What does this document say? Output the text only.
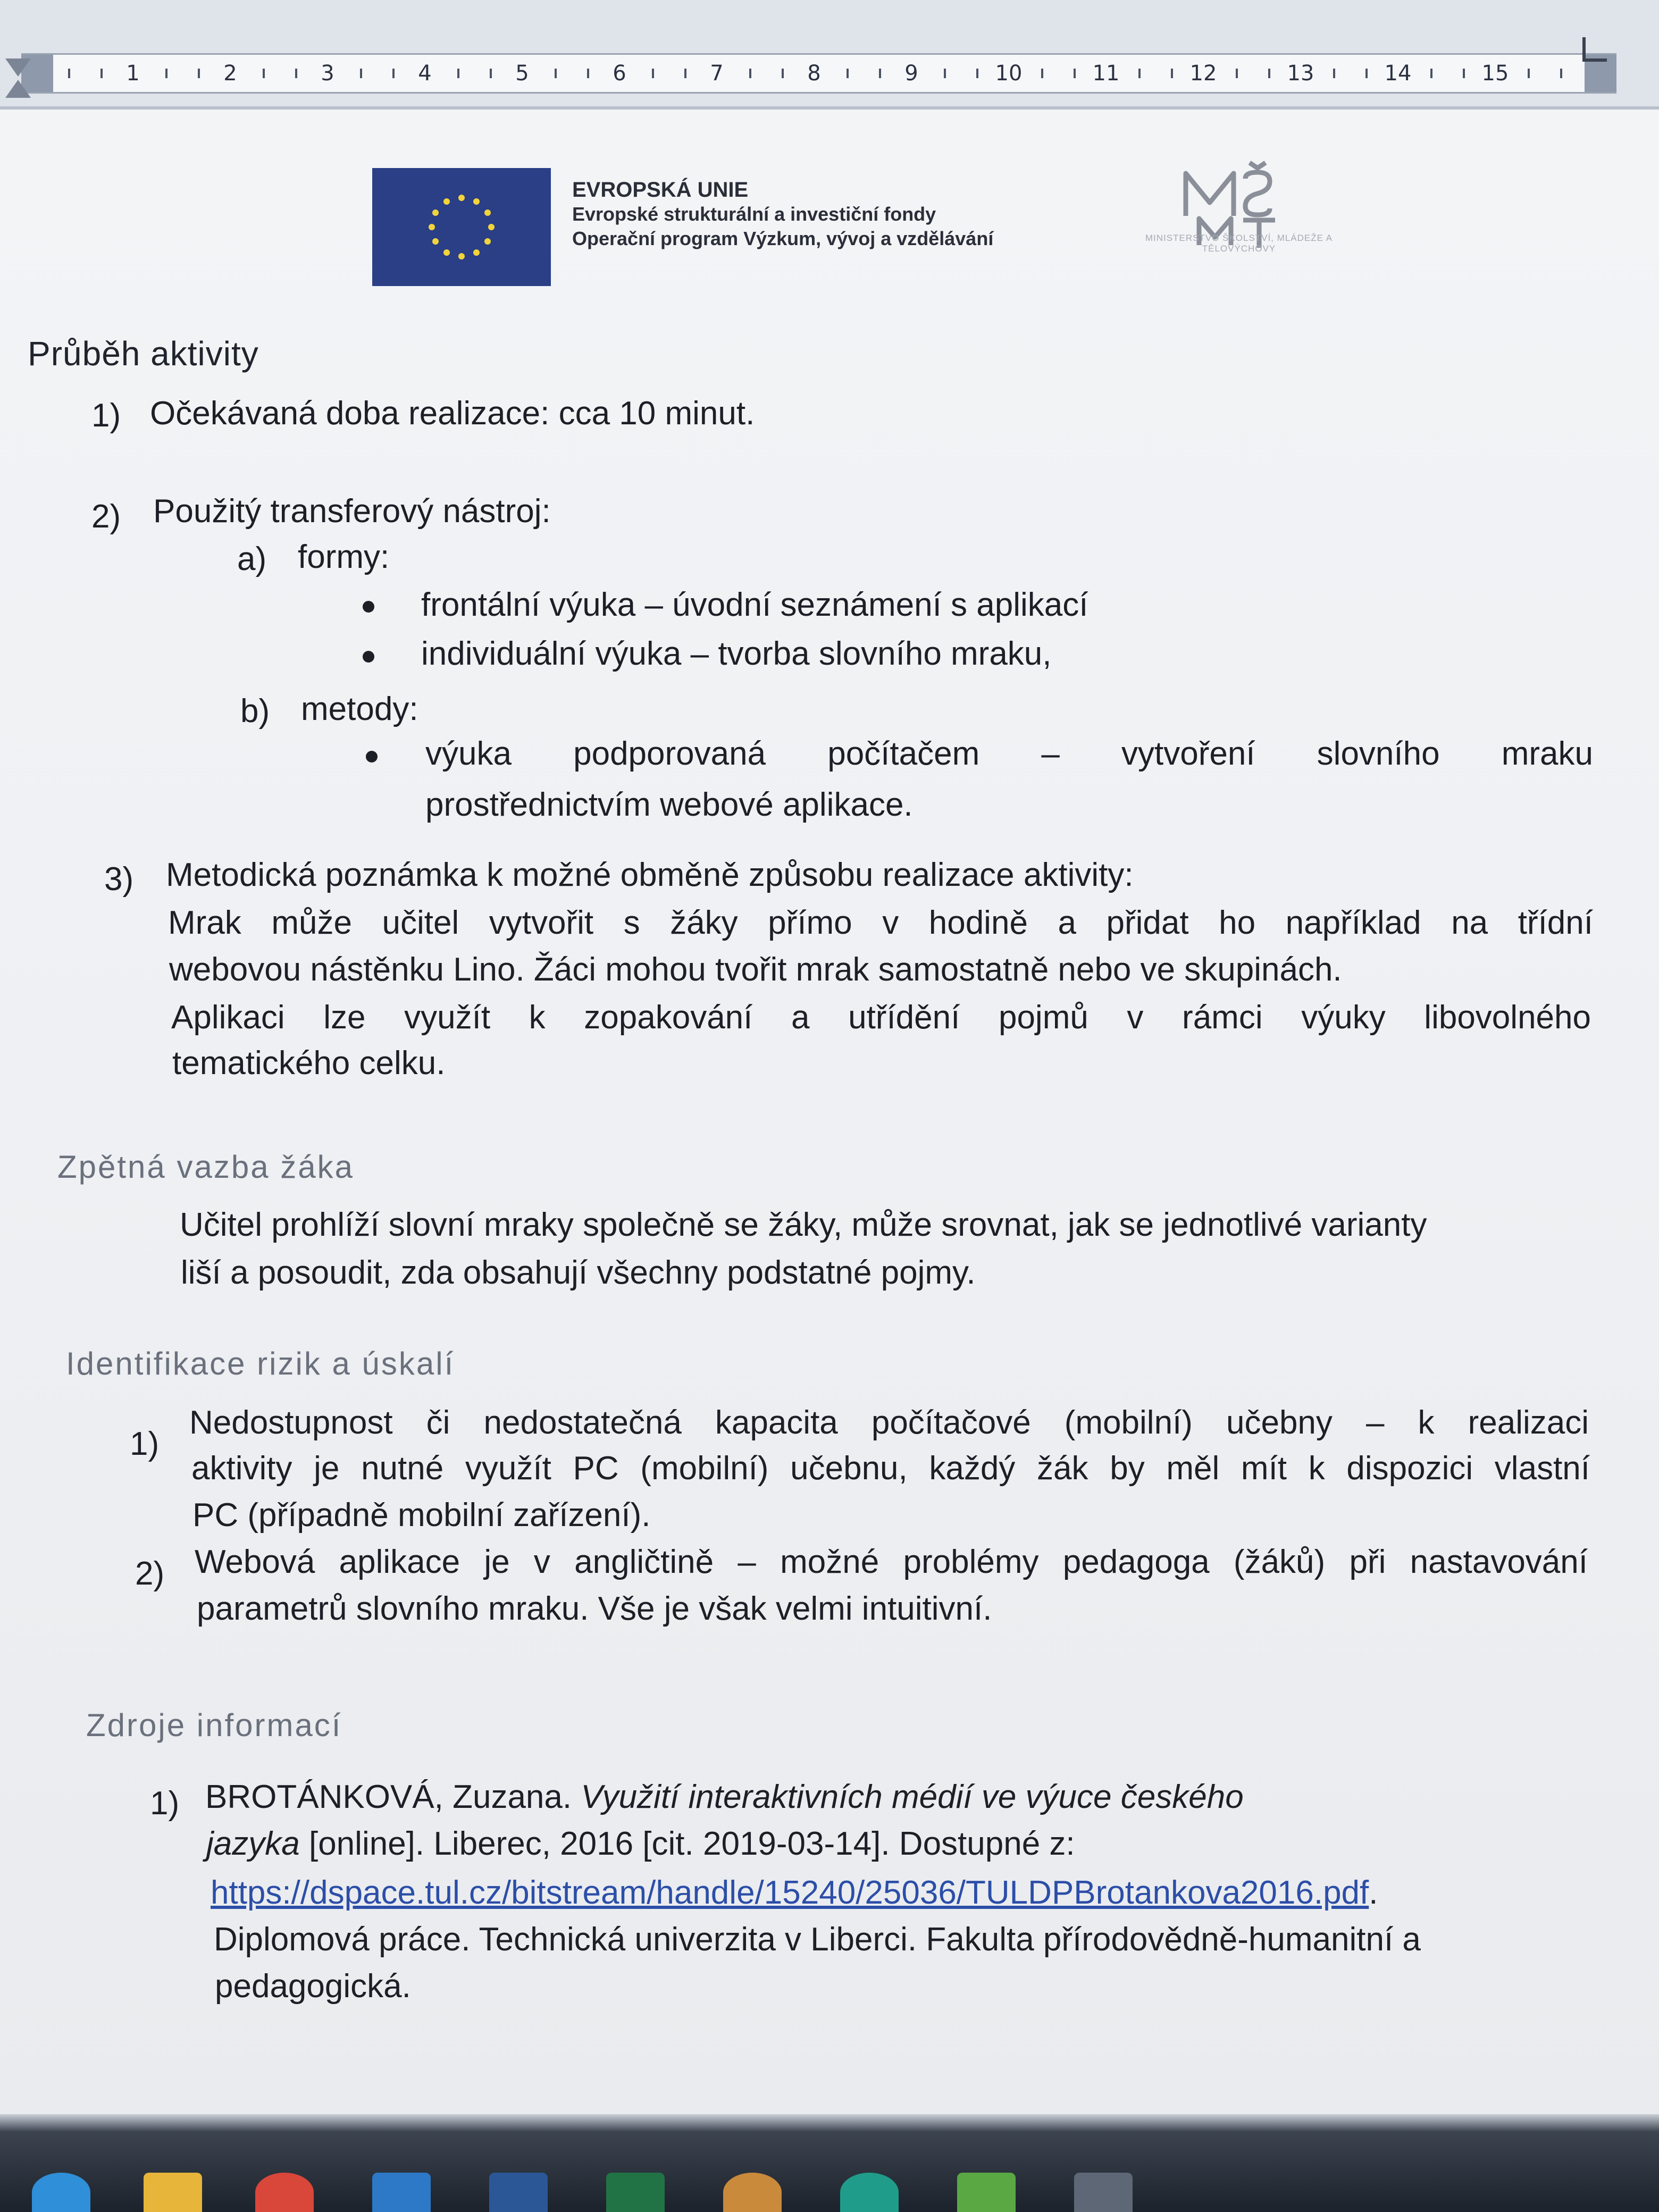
1	2	3	4	5	6	7	8	9	10	11	12	13	14	15
EVROPSKÁ UNIE
Evropské strukturální a investiční fondy
Operační program Výzkum, vývoj a vzdělávání	MINISTERSTVO ŠKOLSTVÍ, MLÁDEŽE A TĚLOVÝCHOVY
Průběh aktivity
1) Očekávaná doba realizace: cca 10 minut.
2) Použitý transferový nástroj:
a) formy:
frontální výuka – úvodní seznámení s aplikací
individuální výuka – tvorba slovního mraku,
b) metody:
výuka podporovaná počítačem – vytvoření slovního mraku
prostřednictvím webové aplikace.
3) Metodická poznámka k možné obměně způsobu realizace aktivity:
Mrak může učitel vytvořit s žáky přímo v hodině a přidat ho například na třídní
webovou nástěnku Lino. Žáci mohou tvořit mrak samostatně nebo ve skupinách.
Aplikaci lze využít k zopakování a utřídění pojmů v rámci výuky libovolného
tematického celku.
Zpětná vazba žáka
Učitel prohlíží slovní mraky společně se žáky, může srovnat, jak se jednotlivé varianty
liší a posoudit, zda obsahují všechny podstatné pojmy.
Identifikace rizik a úskalí
1)
Nedostupnost či nedostatečná kapacita počítačové (mobilní) učebny – k realizaci
aktivity je nutné využít PC (mobilní) učebnu, každý žák by měl mít k dispozici vlastní
PC (případně mobilní zařízení).
2) Webová aplikace je v angličtině – možné problémy pedagoga (žáků) při nastavování
parametrů slovního mraku. Vše je však velmi intuitivní.
Zdroje informací
1) BROTÁNKOVÁ, Zuzana. Využití interaktivních médií ve výuce českého
jazyka [online]. Liberec, 2016 [cit. 2019-03-14]. Dostupné z:
https://dspace.tul.cz/bitstream/handle/15240/25036/TULDPBrotankova2016.pdf.
Diplomová práce. Technická univerzita v Liberci. Fakulta přírodovědně-humanitní a
pedagogická.
